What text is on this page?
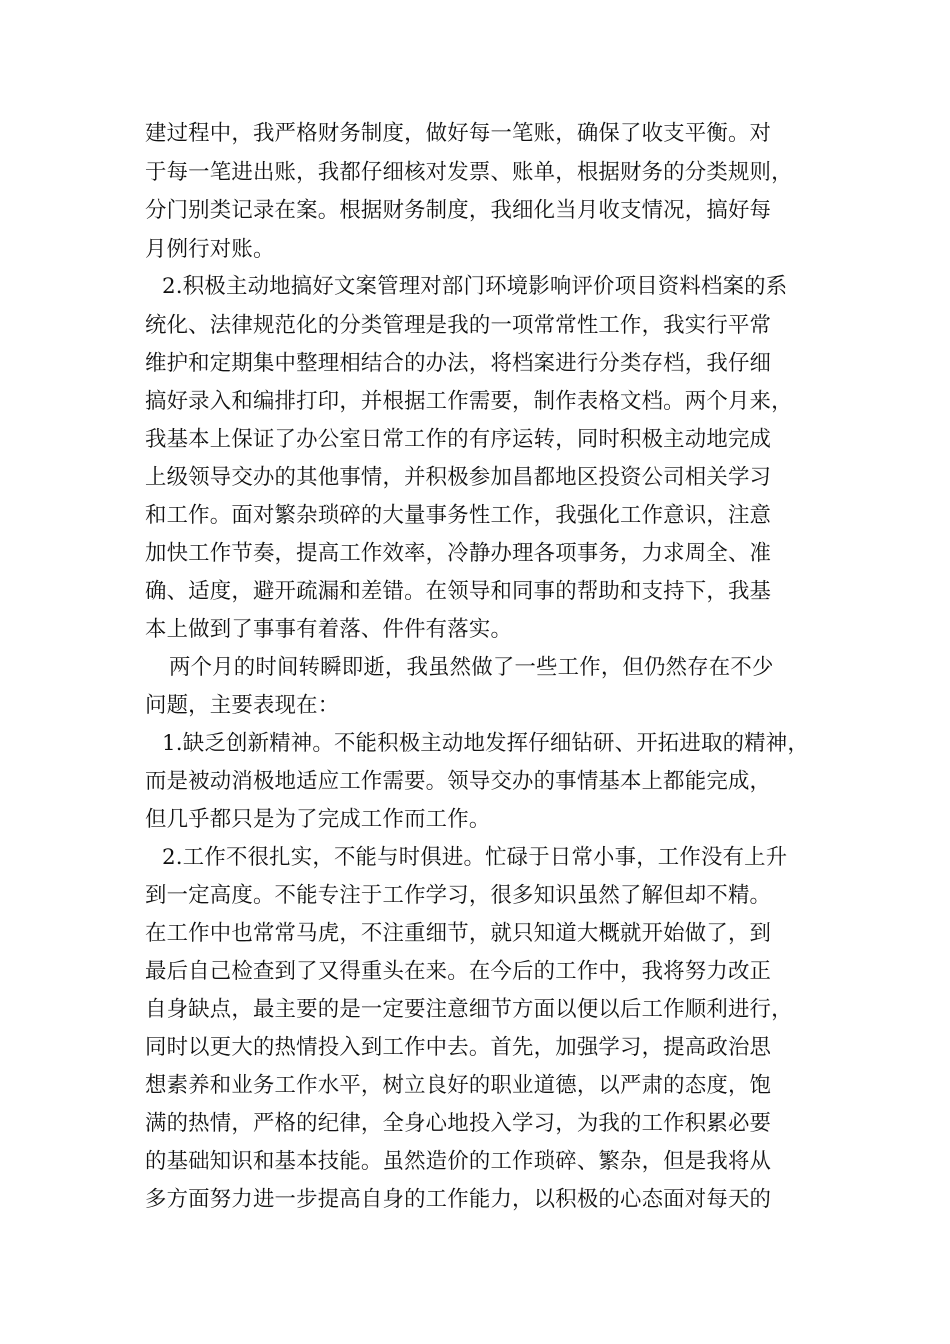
建过程中，我严格财务制度，做好每一笔账，确保了收支平衡。对
于每一笔进出账，我都仔细核对发票、账单，根据财务的分类规则，
分门别类记录在案。根据财务制度，我细化当月收支情况，搞好每
月例行对账。
2.积极主动地搞好文案管理对部门环境影响评价项目资料档案的系
统化、法律规范化的分类管理是我的一项常常性工作，我实行平常
维护和定期集中整理相结合的办法，将档案进行分类存档，我仔细
搞好录入和编排打印，并根据工作需要，制作表格文档。两个月来，
我基本上保证了办公室日常工作的有序运转，同时积极主动地完成
上级领导交办的其他事情，并积极参加昌都地区投资公司相关学习
和工作。面对繁杂琐碎的大量事务性工作，我强化工作意识，注意
加快工作节奏，提高工作效率，冷静办理各项事务，力求周全、准
确、适度，避开疏漏和差错。在领导和同事的帮助和支持下，我基
本上做到了事事有着落、件件有落实。
两个月的时间转瞬即逝，我虽然做了一些工作，但仍然存在不少
问题，主要表现在：
1.缺乏创新精神。不能积极主动地发挥仔细钻研、开拓进取的精神，
而是被动消极地适应工作需要。领导交办的事情基本上都能完成，
但几乎都只是为了完成工作而工作。
2.工作不很扎实，不能与时俱进。忙碌于日常小事，工作没有上升
到一定高度。不能专注于工作学习，很多知识虽然了解但却不精。
在工作中也常常马虎，不注重细节，就只知道大概就开始做了，到
最后自己检查到了又得重头在来。在今后的工作中，我将努力改正
自身缺点，最主要的是一定要注意细节方面以便以后工作顺利进行，
同时以更大的热情投入到工作中去。首先，加强学习，提高政治思
想素养和业务工作水平，树立良好的职业道德，以严肃的态度，饱
满的热情，严格的纪律，全身心地投入学习，为我的工作积累必要
的基础知识和基本技能。虽然造价的工作琐碎、繁杂，但是我将从
多方面努力进一步提高自身的工作能力，以积极的心态面对每天的
